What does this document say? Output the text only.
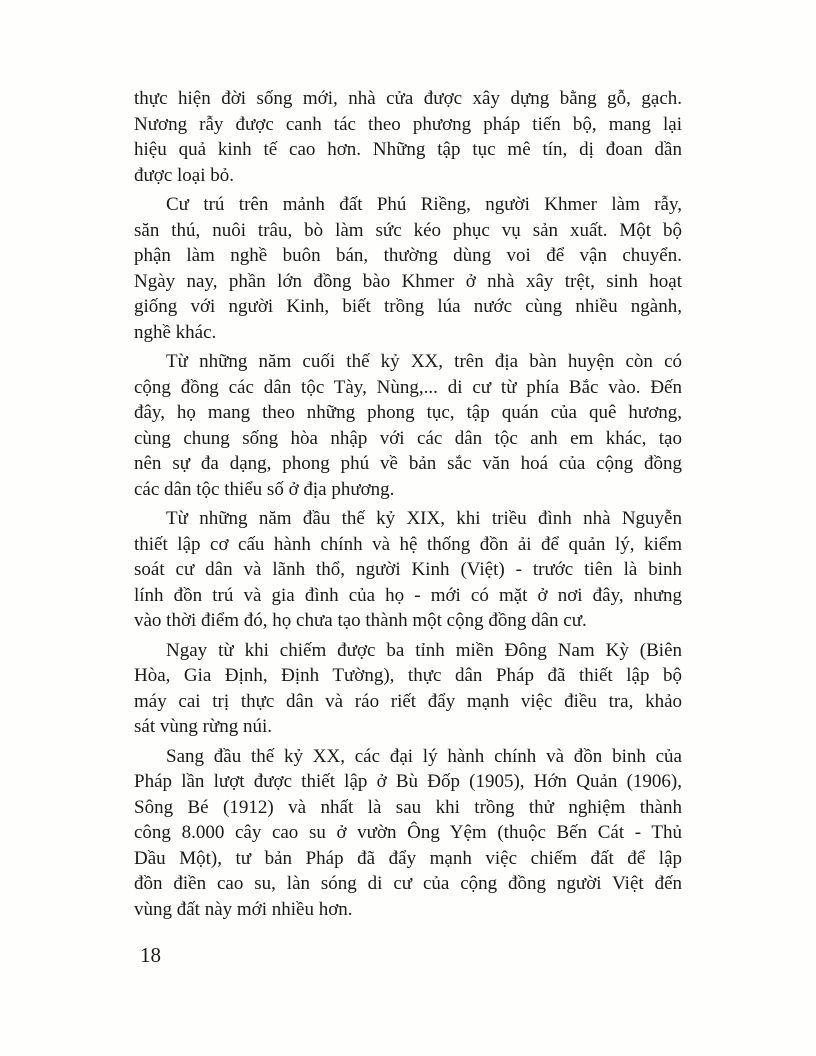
thực hiện đời sống mới, nhà cửa được xây dựng bằng gỗ, gạch.
Nương rẫy được canh tác theo phương pháp tiến bộ, mang lại
hiệu quả kinh tế cao hơn. Những tập tục mê tín, dị đoan dần
được loại bỏ.
Cư trú trên mảnh đất Phú Riềng, người Khmer làm rẫy,
săn thú, nuôi trâu, bò làm sức kéo phục vụ sản xuất. Một bộ
phận làm nghề buôn bán, thường dùng voi để vận chuyển.
Ngày nay, phần lớn đồng bào Khmer ở nhà xây trệt, sinh hoạt
giống với người Kinh, biết trồng lúa nước cùng nhiều ngành,
nghề khác.
Từ những năm cuối thế kỷ XX, trên địa bàn huyện còn có
cộng đồng các dân tộc Tày, Nùng,... di cư từ phía Bắc vào. Đến
đây, họ mang theo những phong tục, tập quán của quê hương,
cùng chung sống hòa nhập với các dân tộc anh em khác, tạo
nên sự đa dạng, phong phú về bản sắc văn hoá của cộng đồng
các dân tộc thiểu số ở địa phương.
Từ những năm đầu thế kỷ XIX, khi triều đình nhà Nguyễn
thiết lập cơ cấu hành chính và hệ thống đồn ải để quản lý, kiểm
soát cư dân và lãnh thổ, người Kinh (Việt) - trước tiên là binh
lính đồn trú và gia đình của họ - mới có mặt ở nơi đây, nhưng
vào thời điểm đó, họ chưa tạo thành một cộng đồng dân cư.
Ngay từ khi chiếm được ba tỉnh miền Đông Nam Kỳ (Biên
Hòa, Gia Định, Định Tường), thực dân Pháp đã thiết lập bộ
máy cai trị thực dân và ráo riết đẩy mạnh việc điều tra, khảo
sát vùng rừng núi.
Sang đầu thế kỷ XX, các đại lý hành chính và đồn binh của
Pháp lần lượt được thiết lập ở Bù Đốp (1905), Hớn Quản (1906),
Sông Bé (1912) và nhất là sau khi trồng thử nghiệm thành
công 8.000 cây cao su ở vườn Ông Yệm (thuộc Bến Cát - Thủ
Dầu Một), tư bản Pháp đã đẩy mạnh việc chiếm đất để lập
đồn điền cao su, làn sóng di cư của cộng đồng người Việt đến
vùng đất này mới nhiều hơn.
18
